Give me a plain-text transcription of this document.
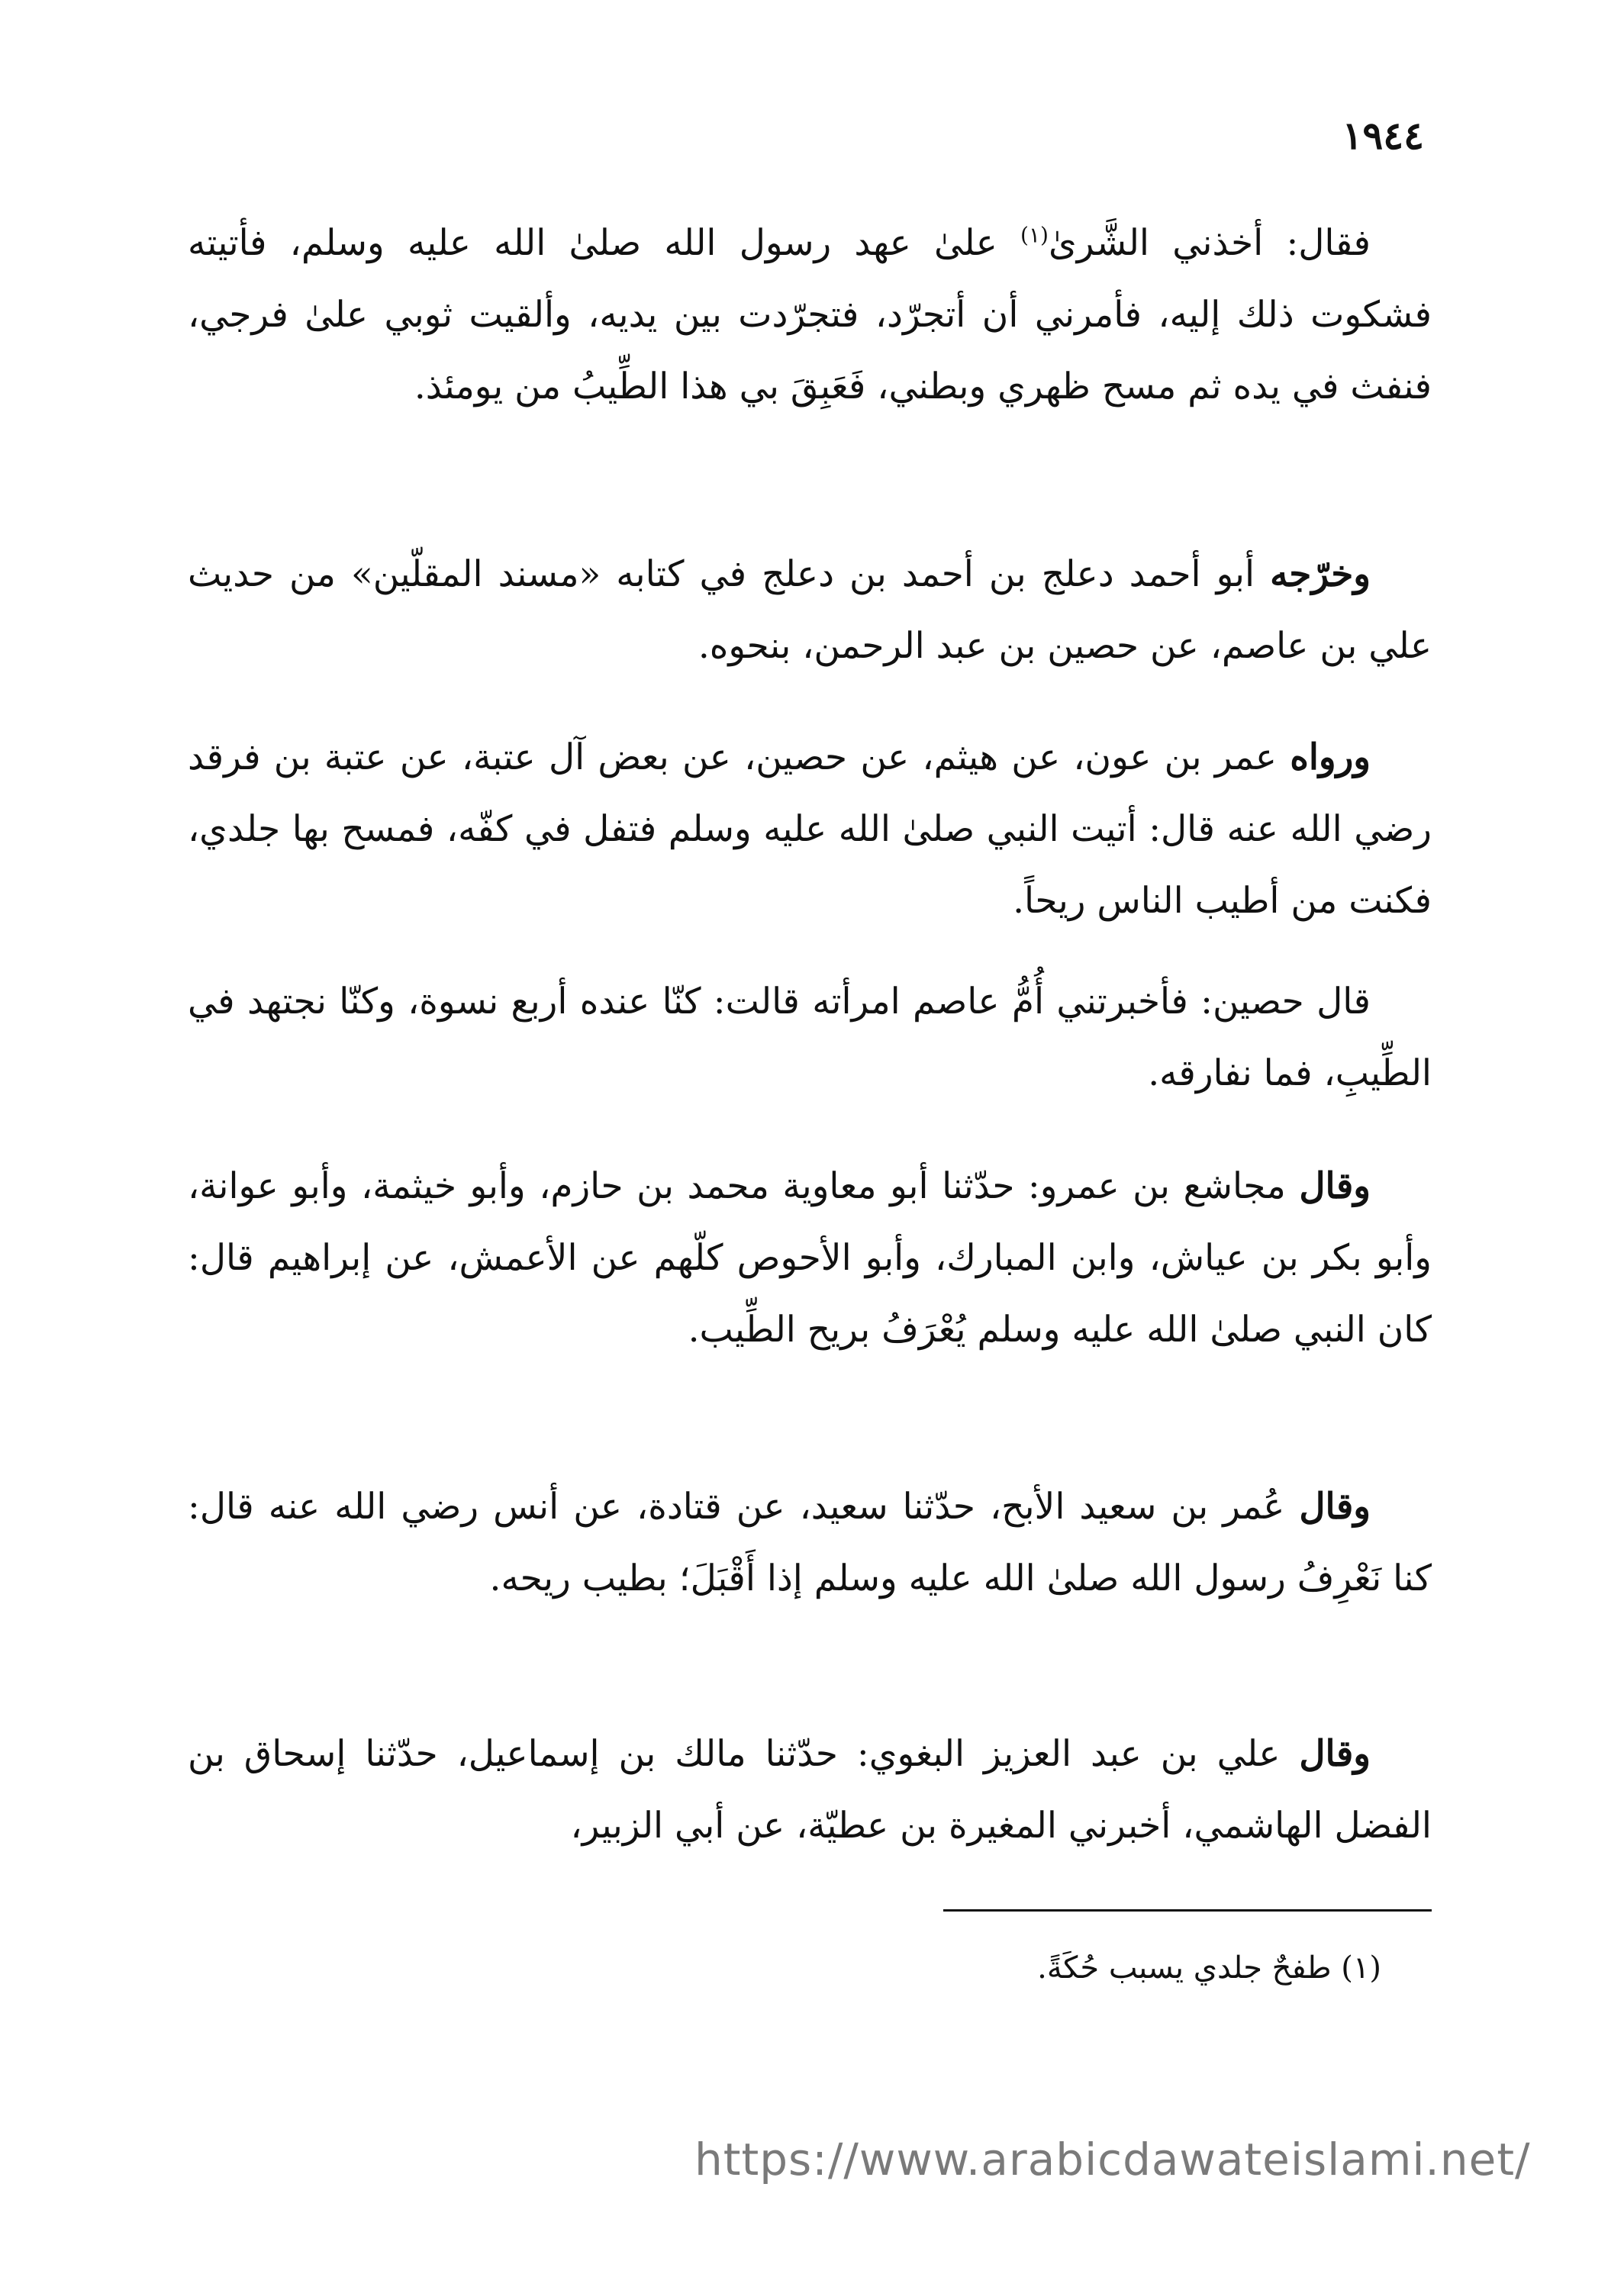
١٩٤٤

فقال: أخذني الشَّرىٰ$^{(١)}$ علىٰ عهد رسول الله صلىٰ الله عليه وسلم، فأتيته فشكوت ذلك إليه، فأمرني أن أتجرّد، فتجرّدت بين يديه، وألقيت ثوبي علىٰ فرجي، فنفث في يده ثم مسح ظهري وبطني، فَعَبِقَ بي هذا الطِّيبُ من يومئذ.

وخرّجه أبو أحمد دعلج بن أحمد بن دعلج في كتابه «مسند المقلّين» من حديث علي بن عاصم، عن حصين بن عبد الرحمن، بنحوه.

ورواه عمر بن عون، عن هيثم، عن حصين، عن بعض آل عتبة، عن عتبة بن فرقد رضي الله عنه قال: أتيت النبي صلىٰ الله عليه وسلم فتفل في كفّه، فمسح بها جلدي، فكنت من أطيب الناس ريحاً.

قال حصين: فأخبرتني أُمُّ عاصم امرأته قالت: كنّا عنده أربع نسوة، وكنّا نجتهد في الطِّيبِ، فما نفارقه.

وقال مجاشع بن عمرو: حدّثنا أبو معاوية محمد بن حازم، وأبو خيثمة، وأبو عوانة، وأبو بكر بن عياش، وابن المبارك، وأبو الأحوص كلّهم عن الأعمش، عن إبراهيم قال: كان النبي صلىٰ الله عليه وسلم يُعْرَفُ بريح الطِّيب.

وقال عُمر بن سعيد الأبح، حدّثنا سعيد، عن قتادة، عن أنس رضي الله عنه قال: كنا نَعْرِفُ رسول الله صلىٰ الله عليه وسلم إذا أَقْبَلَ؛ بطيب ريحه.

وقال علي بن عبد العزيز البغوي: حدّثنا مالك بن إسماعيل، حدّثنا إسحاق بن الفضل الهاشمي، أخبرني المغيرة بن عطيّة، عن أبي الزبير،

(١) طفحٌ جلدي يسبب حُكَةً.

https://www.arabicdawateislami.net/
